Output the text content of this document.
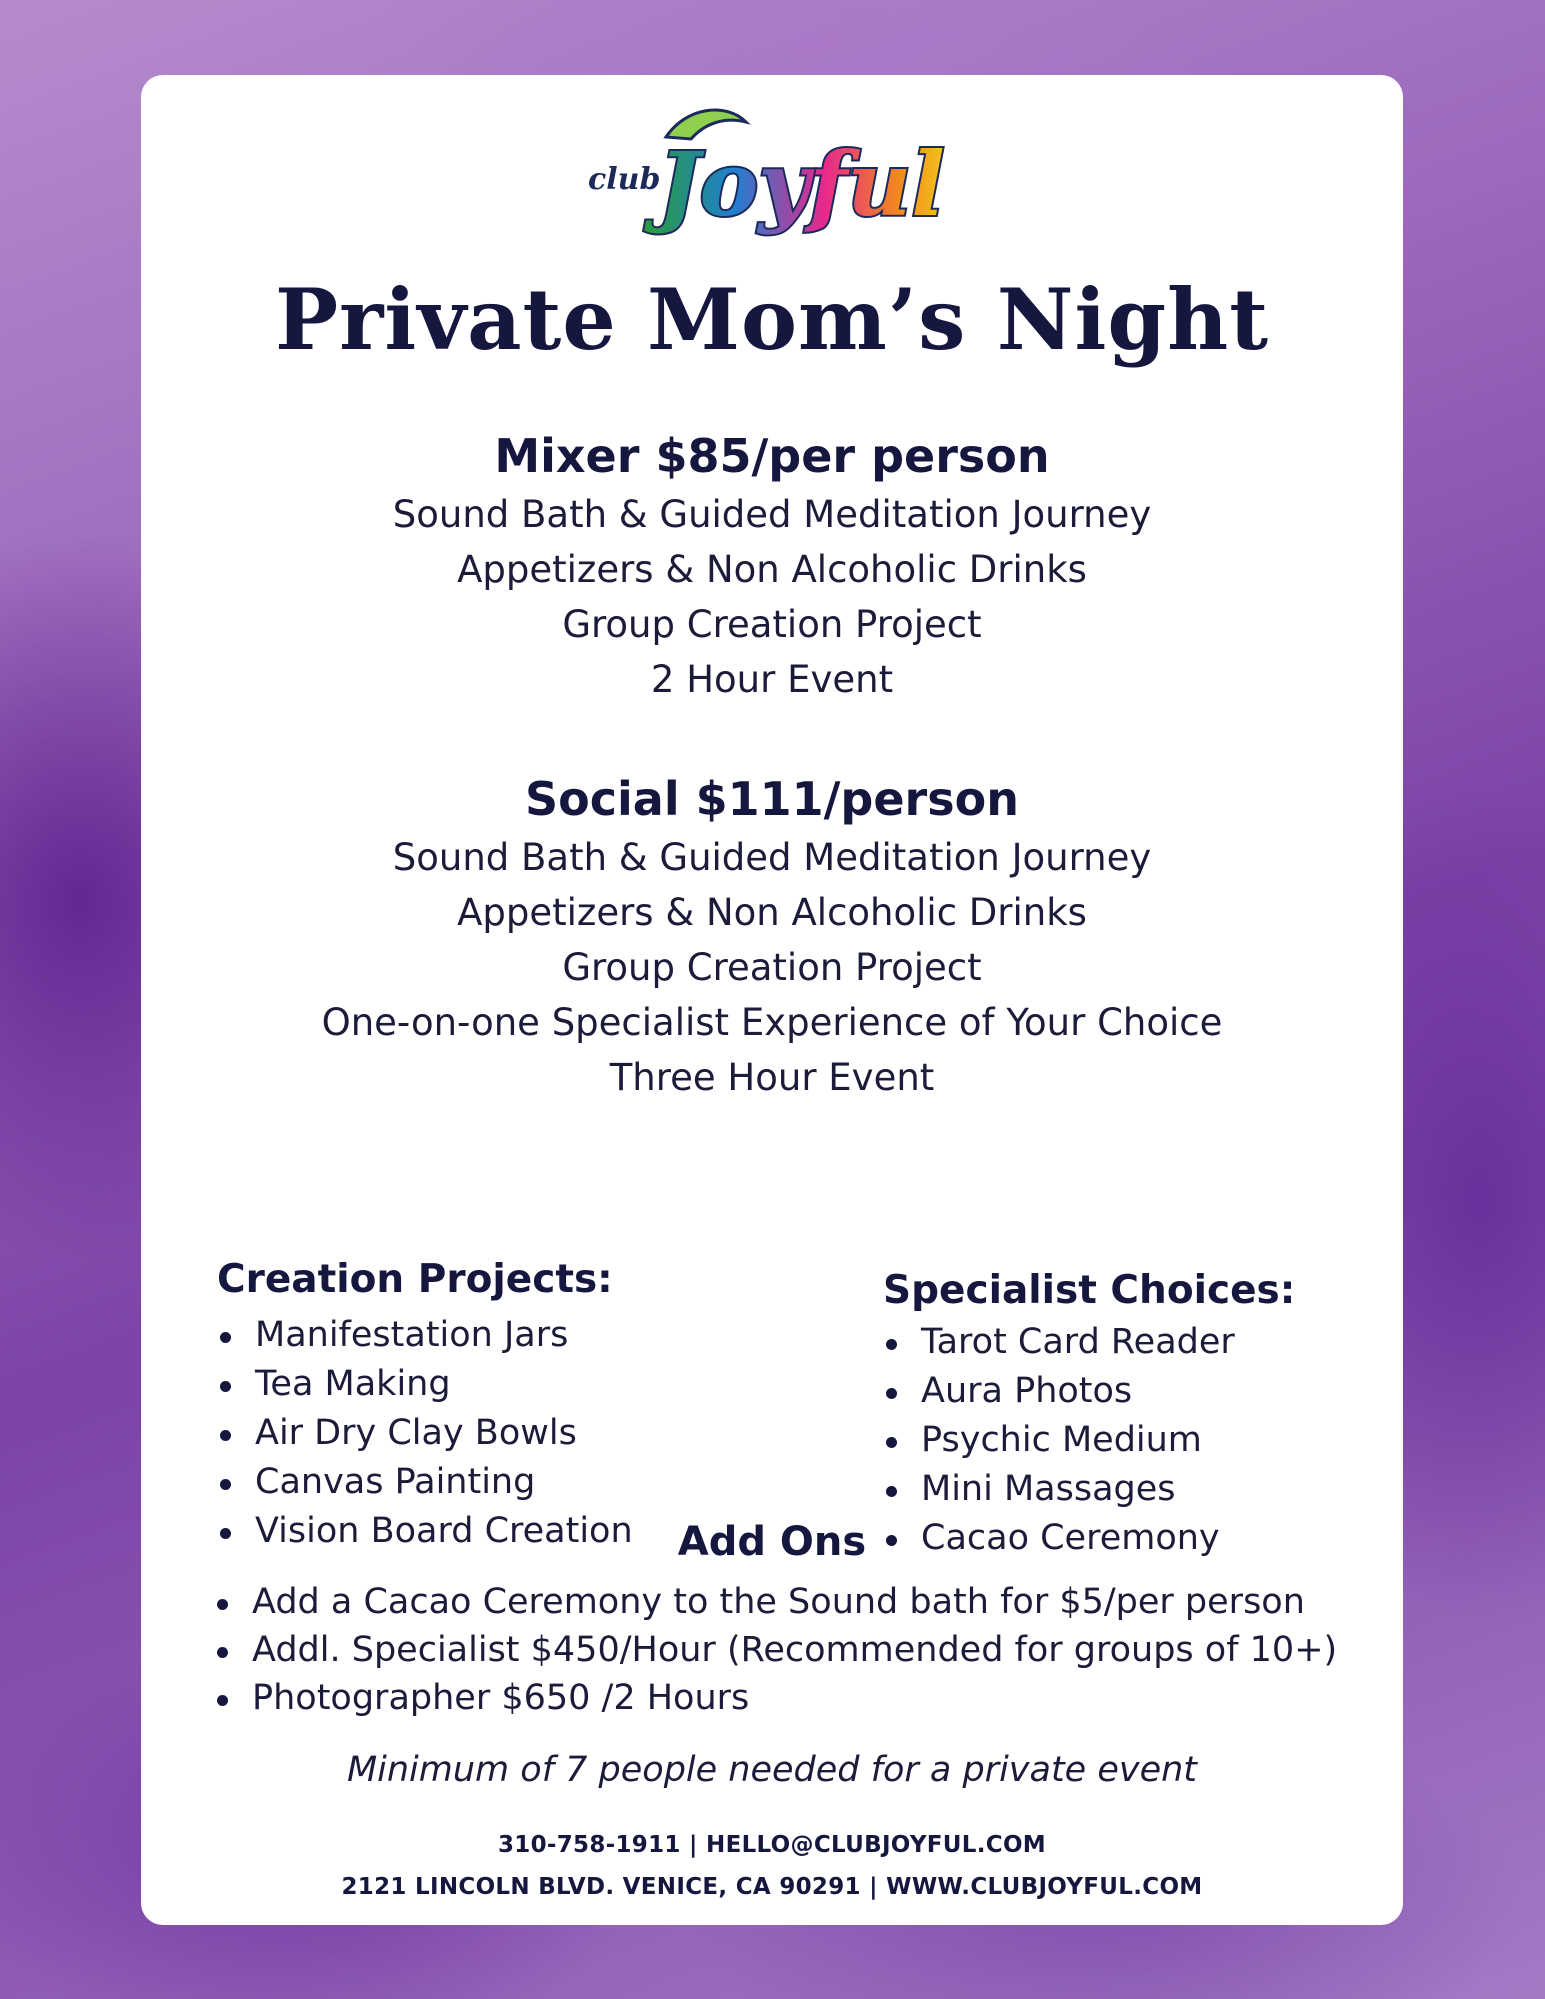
club
Joyful
Private Mom’s Night
Mixer $85/per person
Sound Bath & Guided Meditation Journey
Appetizers & Non Alcoholic Drinks
Group Creation Project
2 Hour Event
Social $111/person
Sound Bath & Guided Meditation Journey
Appetizers & Non Alcoholic Drinks
Group Creation Project
One-on-one Specialist Experience of Your Choice
Three Hour Event
Creation Projects:
Manifestation Jars
Tea Making
Air Dry Clay Bowls
Canvas Painting
Vision Board Creation
Specialist Choices:
Tarot Card Reader
Aura Photos
Psychic Medium
Mini Massages
Cacao Ceremony
Add Ons
Add a Cacao Ceremony to the Sound bath for $5/per person
Addl. Specialist $450/Hour (Recommended for groups of 10+)
Photographer $650 /2 Hours
Minimum of 7 people needed for a private event
310-758-1911 | HELLO@CLUBJOYFUL.COM
2121 LINCOLN BLVD. VENICE, CA 90291 | WWW.CLUBJOYFUL.COM
